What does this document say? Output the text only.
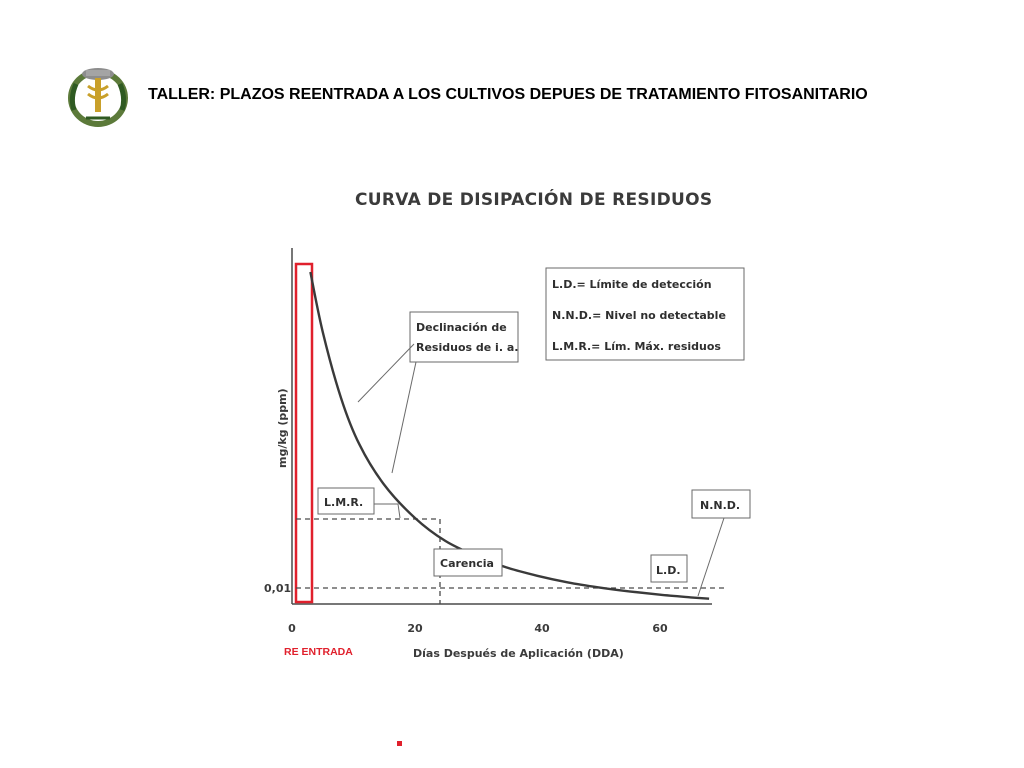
TALLER: PLAZOS REENTRADA A LOS CULTIVOS DEPUES DE TRATAMIENTO FITOSANITARIO
CURVA DE DISIPACIÓN DE RESIDUOS
mg/kg (ppm)
0,01
0	20	40	60
Días Después de Aplicación (DDA)
RE ENTRADA
Declinación de
Residuos de i. a.
L.M.R.
Carencia
L.D.
N.N.D.
L.D.= Límite de detección
N.N.D.= Nivel no detectable
L.M.R.= Lím. Máx. residuos
